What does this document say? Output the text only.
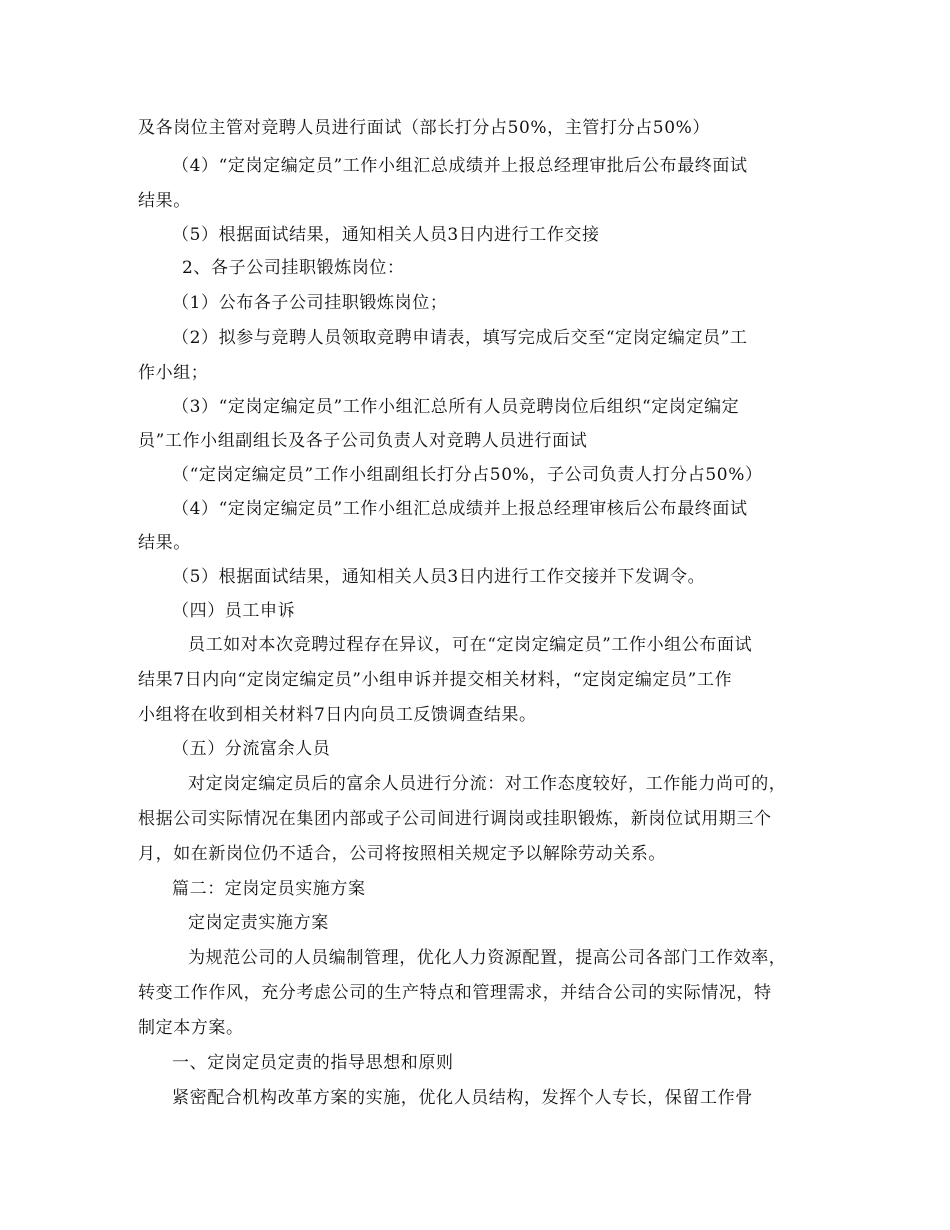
及各岗位主管对竞聘人员进行面试（部长打分占50%，主管打分占50%）
（4）“定岗定编定员”工作小组汇总成绩并上报总经理审批后公布最终面试
结果。
（5）根据面试结果，通知相关人员3日内进行工作交接
2、各子公司挂职锻炼岗位：
（1）公布各子公司挂职锻炼岗位；
（2）拟参与竞聘人员领取竞聘申请表，填写完成后交至“定岗定编定员”工
作小组；
（3）“定岗定编定员”工作小组汇总所有人员竞聘岗位后组织“定岗定编定
员”工作小组副组长及各子公司负责人对竞聘人员进行面试
（“定岗定编定员”工作小组副组长打分占50%，子公司负责人打分占50%）
（4）“定岗定编定员”工作小组汇总成绩并上报总经理审核后公布最终面试
结果。
（5）根据面试结果，通知相关人员3日内进行工作交接并下发调令。
（四）员工申诉
员工如对本次竞聘过程存在异议，可在“定岗定编定员”工作小组公布面试
结果7日内向“定岗定编定员”小组申诉并提交相关材料，“定岗定编定员”工作
小组将在收到相关材料7日内向员工反馈调查结果。
（五）分流富余人员
对定岗定编定员后的富余人员进行分流：对工作态度较好，工作能力尚可的，
根据公司实际情况在集团内部或子公司间进行调岗或挂职锻炼，新岗位试用期三个
月，如在新岗位仍不适合，公司将按照相关规定予以解除劳动关系。
篇二：定岗定员实施方案
定岗定责实施方案
为规范公司的人员编制管理，优化人力资源配置，提高公司各部门工作效率，
转变工作作风，充分考虑公司的生产特点和管理需求，并结合公司的实际情况，特
制定本方案。
一、定岗定员定责的指导思想和原则
紧密配合机构改革方案的实施，优化人员结构，发挥个人专长，保留工作骨
